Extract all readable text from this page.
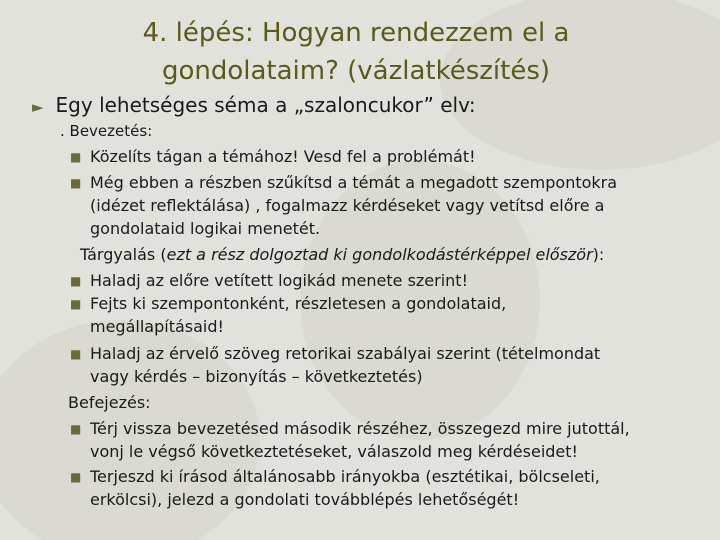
4. lépés: Hogyan rendezzem el a
gondolataim? (vázlatkészítés)
► Egy lehetséges séma a „szaloncukor” elv:
. Bevezetés:
■ Közelíts tágan a témához! Vesd fel a problémát!
■ Még ebben a részben szűkítsd a témát a megadott szempontokra
(idézet reflektálása) , fogalmazz kérdéseket vagy vetítsd előre a
gondolataid logikai menetét.
Tárgyalás (ezt a rész dolgoztad ki gondolkodástérképpel először):
■ Haladj az előre vetített logikád menete szerint!
■ Fejts ki szempontonként, részletesen a gondolataid,
megállapításaid!
■ Haladj az érvelő szöveg retorikai szabályai szerint (tételmondat
vagy kérdés – bizonyítás – következtetés)
Befejezés:
■ Térj vissza bevezetésed második részéhez, összegezd mire jutottál,
vonj le végső következtetéseket, válaszold meg kérdéseidet!
■ Terjeszd ki írásod általánosabb irányokba (esztétikai, bölcseleti,
erkölcsi), jelezd a gondolati továbblépés lehetőségét!
